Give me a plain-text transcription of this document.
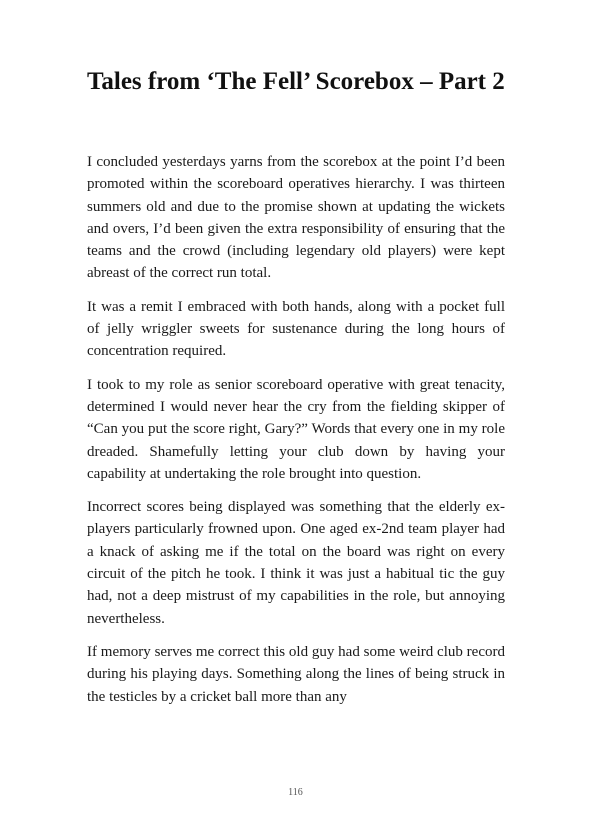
Tales from ‘The Fell’ Scorebox – Part 2

I concluded yesterdays yarns from the scorebox at the point I’d been promoted within the scoreboard operatives hierarchy. I was thirteen summers old and due to the promise shown at updating the wickets and overs, I’d been given the extra responsibility of ensuring that the teams and the crowd (including legendary old players) were kept abreast of the correct run total.

It was a remit I embraced with both hands, along with a pocket full of jelly wriggler sweets for sustenance during the long hours of concentration required.

I took to my role as senior scoreboard operative with great tenacity, determined I would never hear the cry from the fielding skipper of “Can you put the score right, Gary?” Words that every one in my role dreaded. Shamefully letting your club down by having your capability at undertaking the role brought into question.

Incorrect scores being displayed was something that the elderly ex-players particularly frowned upon. One aged ex-2nd team player had a knack of asking me if the total on the board was right on every circuit of the pitch he took. I think it was just a habitual tic the guy had, not a deep mistrust of my capabilities in the role, but annoying nevertheless.

If memory serves me correct this old guy had some weird club record during his playing days. Something along the lines of being struck in the testicles by a cricket ball more than any

116
